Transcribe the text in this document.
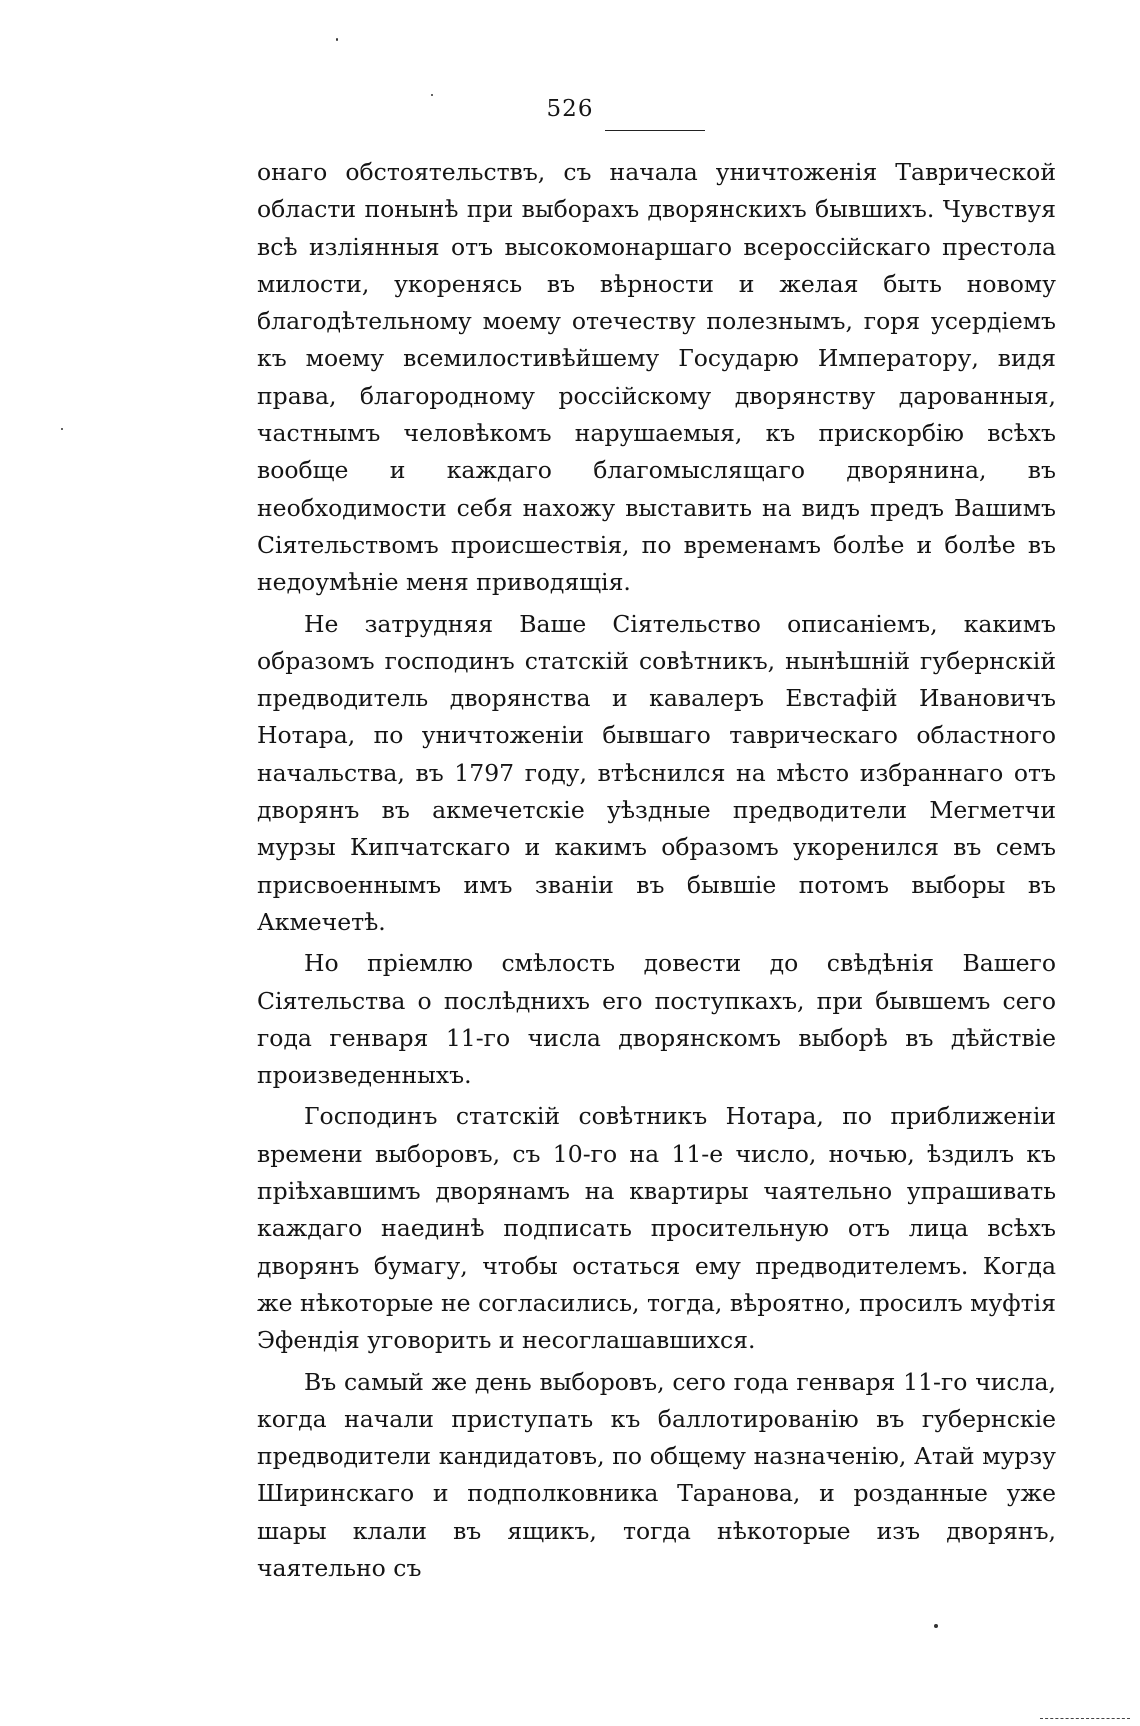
526

онаго обстоятельствъ, съ начала уничтоженія Таврической области понынѣ при выборахъ дворянскихъ бывшихъ. Чувствуя всѣ изліянныя отъ высокомонаршаго всероссійскаго престола милости, укоренясь въ вѣрности и желая быть новому благодѣтельному моему отечеству полезнымъ, горя усердіемъ къ моему всемилостивѣйшему Государю Императору, видя права, благородному россійскому дворянству дарованныя, частнымъ человѣкомъ нарушаемыя, къ прискорбію всѣхъ вообще и каждаго благомыслящаго дворянина, въ необходимости себя нахожу выставить на видъ предъ Вашимъ Сіятельствомъ происшествія, по временамъ болѣе и болѣе въ недоумѣніе меня приводящія.

Не затрудняя Ваше Сіятельство описаніемъ, какимъ образомъ господинъ статскій совѣтникъ, нынѣшній губернскій предводитель дворянства и кавалеръ Евстафій Ивановичъ Нотара, по уничтоженіи бывшаго таврическаго областного начальства, въ 1797 году, втѣснился на мѣсто избраннаго отъ дворянъ въ акмечетскіе уѣздные предводители Мегметчи мурзы Кипчатскаго и какимъ образомъ укоренился въ семъ присвоеннымъ имъ званіи въ бывшіе потомъ выборы въ Акмечетѣ.

Но пріемлю смѣлость довести до свѣдѣнія Вашего Сіятельства о послѣднихъ его поступкахъ, при бывшемъ сего года генваря 11-го числа дворянскомъ выборѣ въ дѣйствіе произведенныхъ.

Господинъ статскій совѣтникъ Нотара, по приближеніи времени выборовъ, съ 10-го на 11-е число, ночью, ѣздилъ къ пріѣхавшимъ дворянамъ на квартиры чаятельно упрашивать каждаго наединѣ подписать просительную отъ лица всѣхъ дворянъ бумагу, чтобы остаться ему предводителемъ. Когда же нѣкоторые не согласились, тогда, вѣроятно, просилъ муфтія Эфендія уговорить и несоглашавшихся.

Въ самый же день выборовъ, сего года генваря 11-го числа, когда начали приступать къ баллотированію въ губернскіе предводители кандидатовъ, по общему назначенію, Атай мурзу Ширинскаго и подполковника Таранова, и розданные уже шары клали въ ящикъ, тогда нѣкоторые изъ дворянъ, чаятельно съ
